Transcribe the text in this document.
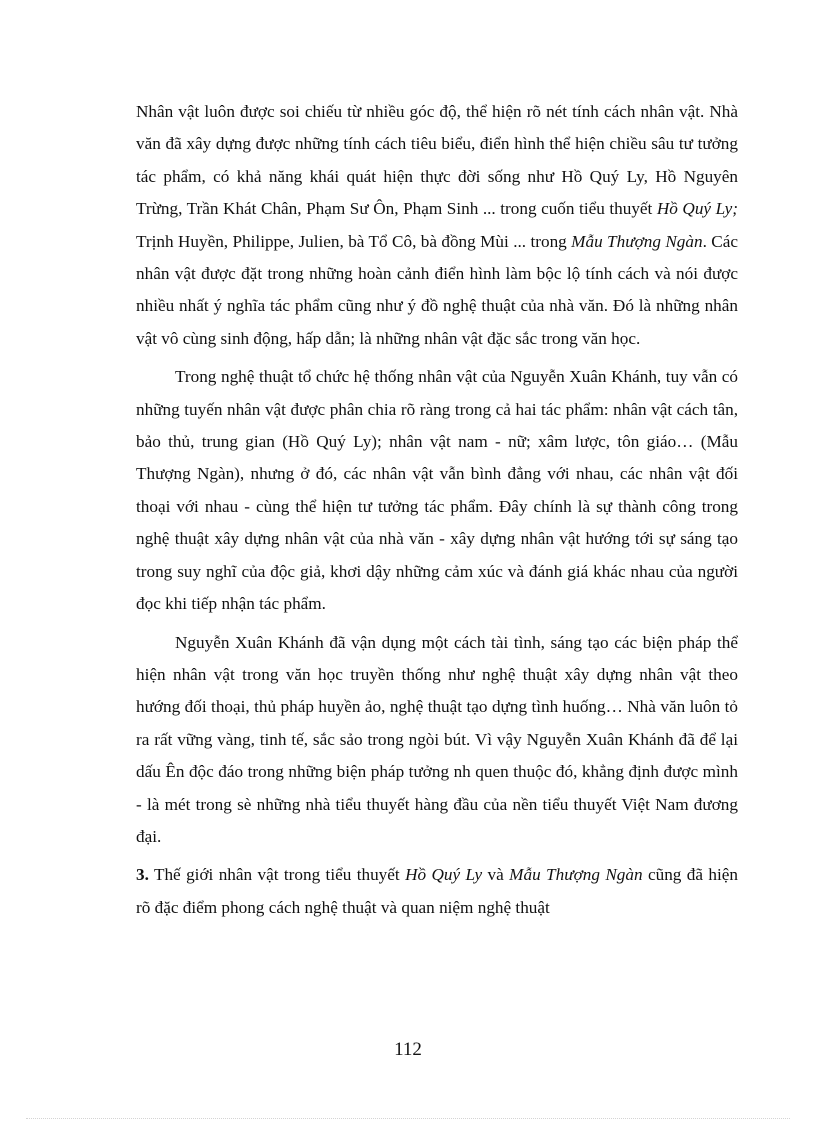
Nhân vật luôn được soi chiếu từ nhiều góc độ, thể hiện rõ nét tính cách nhân vật. Nhà văn đã xây dựng được những tính cách tiêu biểu, điển hình thể hiện chiều sâu tư tưởng tác phẩm, có khả năng khái quát hiện thực đời sống như Hồ Quý Ly, Hồ Nguyên Trừng, Trần Khát Chân, Phạm Sư Ôn, Phạm Sinh ... trong cuốn tiểu thuyết Hồ Quý Ly; Trịnh Huyền, Philippe, Julien, bà Tổ Cô, bà đồng Mùi ... trong Mẫu Thượng Ngàn. Các nhân vật được đặt trong những hoàn cảnh điển hình làm bộc lộ tính cách và nói được nhiều nhất ý nghĩa tác phẩm cũng như ý đồ nghệ thuật của nhà văn. Đó là những nhân vật vô cùng sinh động, hấp dẫn; là những nhân vật đặc sắc trong văn học.

Trong nghệ thuật tổ chức hệ thống nhân vật của Nguyễn Xuân Khánh, tuy vẫn có những tuyến nhân vật được phân chia rõ ràng trong cả hai tác phẩm: nhân vật cách tân, bảo thủ, trung gian (Hồ Quý Ly); nhân vật nam - nữ; xâm lược, tôn giáo… (Mẫu Thượng Ngàn), nhưng ở đó, các nhân vật vẫn bình đẳng với nhau, các nhân vật đối thoại với nhau - cùng thể hiện tư tưởng tác phẩm. Đây chính là sự thành công trong nghệ thuật xây dựng nhân vật của nhà văn - xây dựng nhân vật hướng tới sự sáng tạo trong suy nghĩ của độc giả, khơi dậy những cảm xúc và đánh giá khác nhau của người đọc khi tiếp nhận tác phẩm.

Nguyễn Xuân Khánh đã vận dụng một cách tài tình, sáng tạo các biện pháp thể hiện nhân vật trong văn học truyền thống như nghệ thuật xây dựng nhân vật theo hướng đối thoại, thủ pháp huyền ảo, nghệ thuật tạo dựng tình huống… Nhà văn luôn tỏ ra rất vững vàng, tinh tế, sắc sảo trong ngòi bút. Vì vậy Nguyễn Xuân Khánh đã để lại dấu Ên độc đáo trong những biện pháp tưởng nh quen thuộc đó, khẳng định được mình - là mét trong sè những nhà tiểu thuyết hàng đầu của nền tiểu thuyết Việt Nam đương đại.

3. Thế giới nhân vật trong tiểu thuyết Hồ Quý Ly và Mẫu Thượng Ngàn cũng đã hiện rõ đặc điểm phong cách nghệ thuật và quan niệm nghệ thuật

112
